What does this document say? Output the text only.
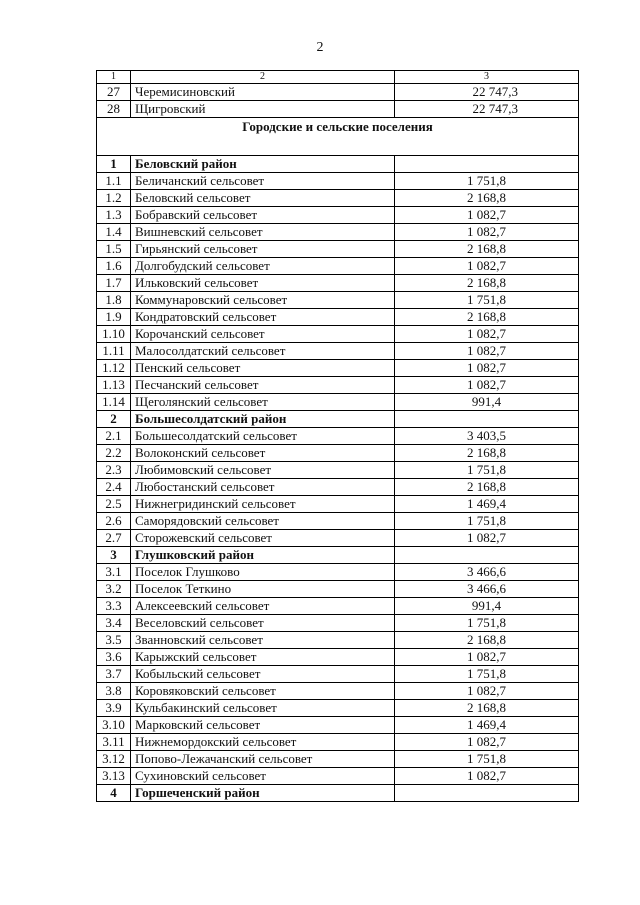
2
1	2	3
27	Черемисиновский	22 747,3
28	Щигровский	22 747,3
Городские и сельские поселения		
1	Беловский район	
1.1	Беличанский сельсовет	1 751,8
1.2	Беловский сельсовет	2 168,8
1.3	Бобравский сельсовет	1 082,7
1.4	Вишневский сельсовет	1 082,7
1.5	Гирьянский сельсовет	2 168,8
1.6	Долгобудский сельсовет	1 082,7
1.7	Ильковский сельсовет	2 168,8
1.8	Коммунаровский сельсовет	1 751,8
1.9	Кондратовский сельсовет	2 168,8
1.10	Корочанский сельсовет	1 082,7
1.11	Малосолдатский сельсовет	1 082,7
1.12	Пенский сельсовет	1 082,7
1.13	Песчанский сельсовет	1 082,7
1.14	Щеголянский сельсовет	991,4
2	Большесолдатский район	
2.1	Большесолдатский сельсовет	3 403,5
2.2	Волоконский сельсовет	2 168,8
2.3	Любимовский сельсовет	1 751,8
2.4	Любостанский сельсовет	2 168,8
2.5	Нижнегридинский сельсовет	1 469,4
2.6	Саморядовский сельсовет	1 751,8
2.7	Сторожевский сельсовет	1 082,7
3	Глушковский район	
3.1	Поселок Глушково	3 466,6
3.2	Поселок Теткино	3 466,6
3.3	Алексеевский сельсовет	991,4
3.4	Веселовский сельсовет	1 751,8
3.5	Званновский сельсовет	2 168,8
3.6	Карыжский сельсовет	1 082,7
3.7	Кобыльский сельсовет	1 751,8
3.8	Коровяковский сельсовет	1 082,7
3.9	Кульбакинский сельсовет	2 168,8
3.10	Марковский сельсовет	1 469,4
3.11	Нижнемордокский сельсовет	1 082,7
3.12	Попово-Лежачанский сельсовет	1 751,8
3.13	Сухиновский сельсовет	1 082,7
4	Горшеченский район	
